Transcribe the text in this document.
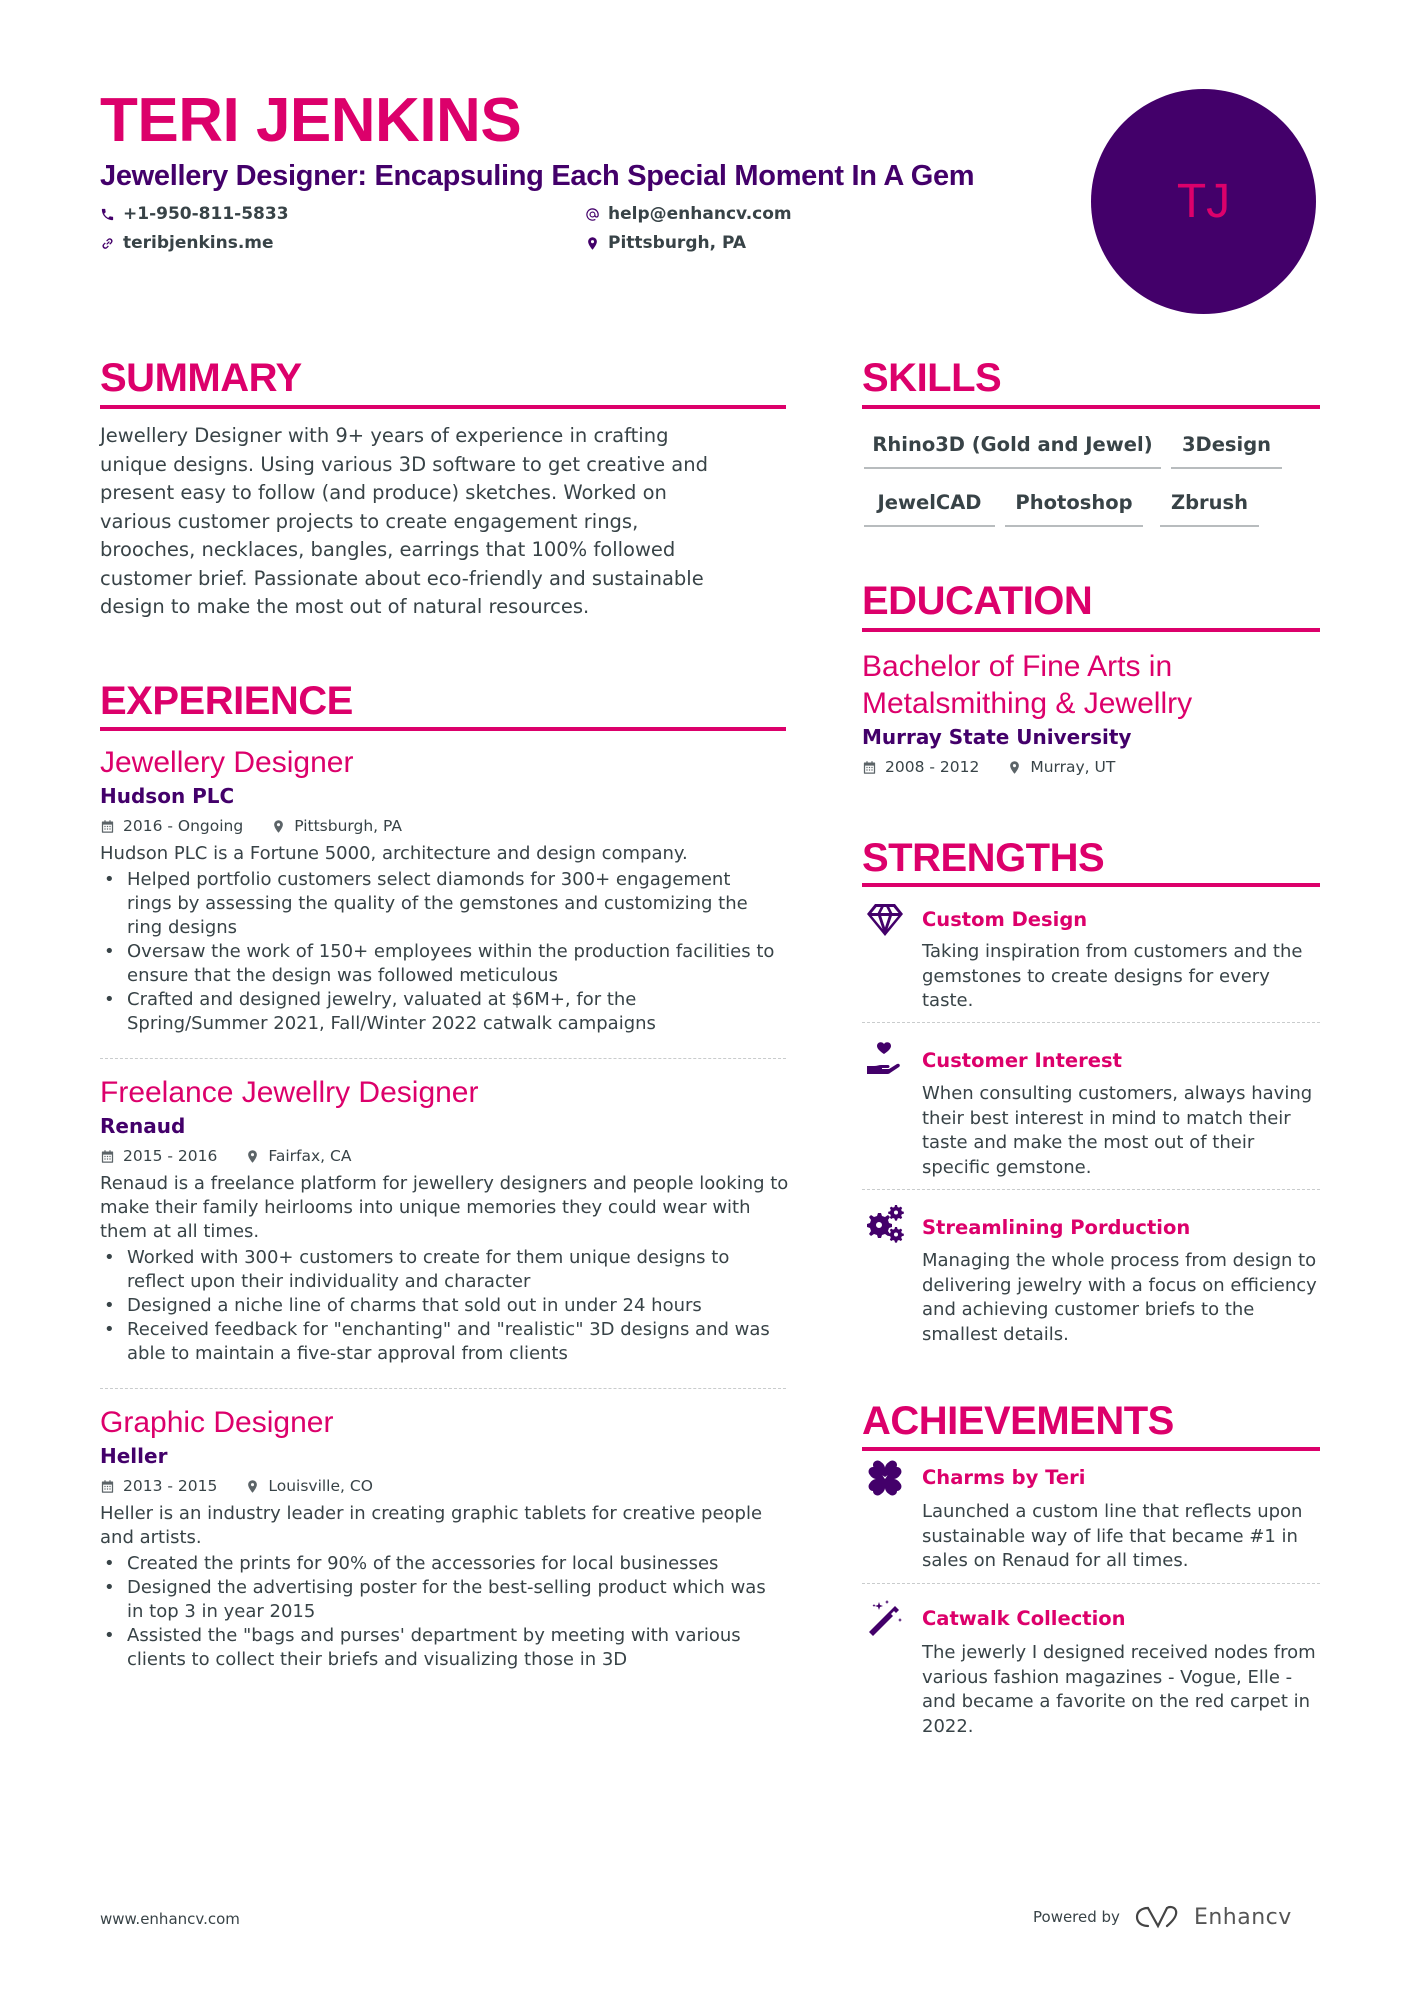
TERI JENKINS
Jewellery Designer: Encapsuling Each Special Moment In A Gem
+1-950-811-5833	help@enhancv.com
teribjenkins.me	Pittsburgh, PA
TJ
SUMMARY
Jewellery Designer with 9+ years of experience in crafting
unique designs. Using various 3D software to get creative and
present easy to follow (and produce) sketches. Worked on
various customer projects to create engagement rings,
brooches, necklaces, bangles, earrings that 100% followed
customer brief. Passionate about eco-friendly and sustainable
design to make the most out of natural resources.
EXPERIENCE
Jewellery Designer
Hudson PLC
2016 - Ongoing	Pittsburgh, PA
Hudson PLC is a Fortune 5000, architecture and design company.
• Helped portfolio customers select diamonds for 300+ engagement rings by assessing the quality of the gemstones and customizing the ring designs
• Oversaw the work of 150+ employees within the production facilities to ensure that the design was followed meticulous
• Crafted and designed jewelry, valuated at $6M+, for the Spring/Summer 2021, Fall/Winter 2022 catwalk campaigns
Freelance Jewellry Designer
Renaud
2015 - 2016	Fairfax, CA
Renaud is a freelance platform for jewellery designers and people looking to make their family heirlooms into unique memories they could wear with them at all times.
• Worked with 300+ customers to create for them unique designs to reflect upon their individuality and character
• Designed a niche line of charms that sold out in under 24 hours
• Received feedback for "enchanting" and "realistic" 3D designs and was able to maintain a five-star approval from clients
Graphic Designer
Heller
2013 - 2015	Louisville, CO
Heller is an industry leader in creating graphic tablets for creative people and artists.
• Created the prints for 90% of the accessories for local businesses
• Designed the advertising poster for the best-selling product which was in top 3 in year 2015
• Assisted the "bags and purses' department by meeting with various clients to collect their briefs and visualizing those in 3D
SKILLS
Rhino3D (Gold and Jewel)	3Design
JewelCAD	Photoshop	Zbrush
EDUCATION
Bachelor of Fine Arts in
Metalsmithing & Jewellry
Murray State University
2008 - 2012	Murray, UT
STRENGTHS
Custom Design
Taking inspiration from customers and the gemstones to create designs for every taste.
Customer Interest
When consulting customers, always having their best interest in mind to match their taste and make the most out of their specific gemstone.
Streamlining Porduction
Managing the whole process from design to delivering jewelry with a focus on efficiency and achieving customer briefs to the smallest details.
ACHIEVEMENTS
Charms by Teri
Launched a custom line that reflects upon sustainable way of life that became #1 in sales on Renaud for all times.
Catwalk Collection
The jewerly I designed received nodes from various fashion magazines - Vogue, Elle - and became a favorite on the red carpet in 2022.
www.enhancv.com	Powered by	Enhancv
